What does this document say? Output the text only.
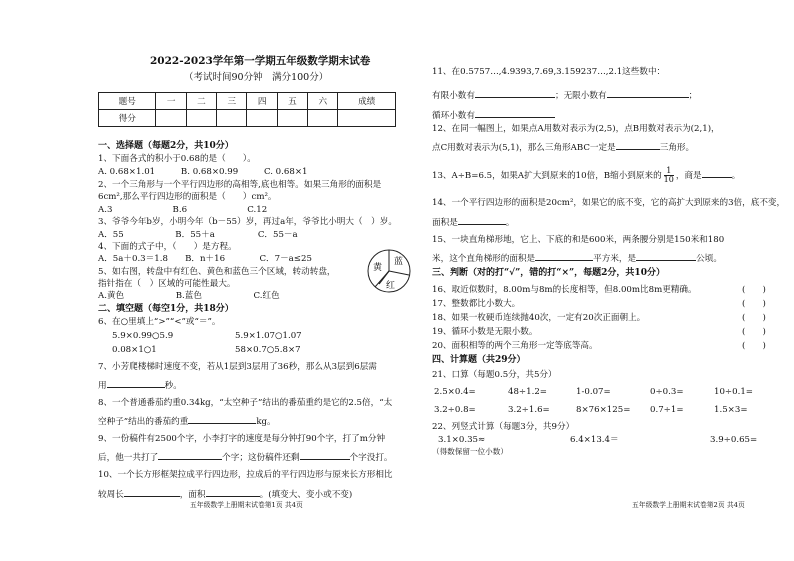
2022-2023学年第一学期五年级数学期末试卷
（考试时间90分钟　满分100分）
题号	一	二	三	四	五	六	成绩
得分							
一、选择题（每题2分，共10分）
1、下面各式的积小于0.68的是（　　）。
A. 0.68×1.01　　　B. 0.68×0.99　　　C. 0.68×1
2、一个三角形与一个平行四边形的高相等,底也相等。如果三角形的面积是
6cm²,那么平行四边形的面积是（　　）cm²。
A.3　　　　　　　B.6　　　　　　　C.12
3、爷爷今年b岁，小明今年（b－55）岁，再过a年，爷爷比小明大（　）岁。
A．55　　　　　　B．55＋a　　　　　C．55－a
4、下面的式子中，（　　）是方程。
A．5a＋0.3＝1.8　　B．n＋16　　　　C．7－a≤25
5、如右图，转盘中有红色、黄色和蓝色三个区域，转动转盘，
指针指在（　）区域的可能性最大。
A.黄色　　　　　　B.蓝色　　　　　　C.红色
黄
蓝
红
二、填空题（每空1分，共18分）
6、在○里填上“>”“<”或“＝”。
5.9×0.99○5.9	5.9×1.07○1.07
0.08×1○1	58×0.7○5.8×7
7、小芳爬楼梯时速度不变，若从1层到3层用了36秒，那么从3层到6层需
用	秒。
8、一个普通番茄约重0.34kg，“太空种子”结出的番茄重约是它的2.5倍，“太
空种子”结出的番茄约重	kg。
9、一份稿件有2500个字，小李打字的速度是每分钟打90个字，打了m分钟
后，他一共打了	个字；这份稿件还剩	个字没打。
10、一个长方形框架拉成平行四边形，拉成后的平行四边形与原来长方形相比
较周长	，面积	。(填变大、变小或不变)
五年级数学上册期末试卷第1页 共4页
11、在0.5757…,4.9393,7.69,3.159237…,2.1这些数中：
有限小数有	；无限小数有	；
循环小数有
12、在同一幅图上，如果点A用数对表示为(2,5)，点B用数对表示为(2,1)，
点C用数对表示为(5,1)，那么三角形ABC一定是	三角形。
13、A÷B=6.5，如果A扩大到原来的10倍，B缩小到原来的 $\frac{1}{10}$ ，商是	。
14、一个平行四边形的面积是20cm²，如果它的底不变，它的高扩大到原来的3倍，底不变，
面积是	。
15、一块直角梯形地，它上、下底的和是600米，两条腰分别是150米和180
米，这个直角梯形的面积是	平方米，是	公顷。
三、判断（对的打“√”，错的打“×”，每题2分，共10分）
16、取近似数时，8.00m与8m的长度相等，但8.00m比8m更精确。	(　　)
17、整数都比小数大。	(　　)
18、如果一枚硬币连续抛40次，一定有20次正面朝上。	(　　)
19、循环小数是无限小数。	(　　)
20、面积相等的两个三角形一定等底等高。	(　　)
四、计算题（共29分）
21、口算（每题0.5分，共5分）
2.5×0.4=	48÷1.2=	1-0.07=	0÷0.3=	10÷0.1=
3.2÷0.8=	3.2÷1.6=	8×76×125= 0.7÷1=	1.5×3=
22、列竖式计算（每题3分，共9分）
3.1×0.35≈	6.4×13.4＝	3.9÷0.65=
（得数保留一位小数）
五年级数学上册期末试卷第2页 共4页
